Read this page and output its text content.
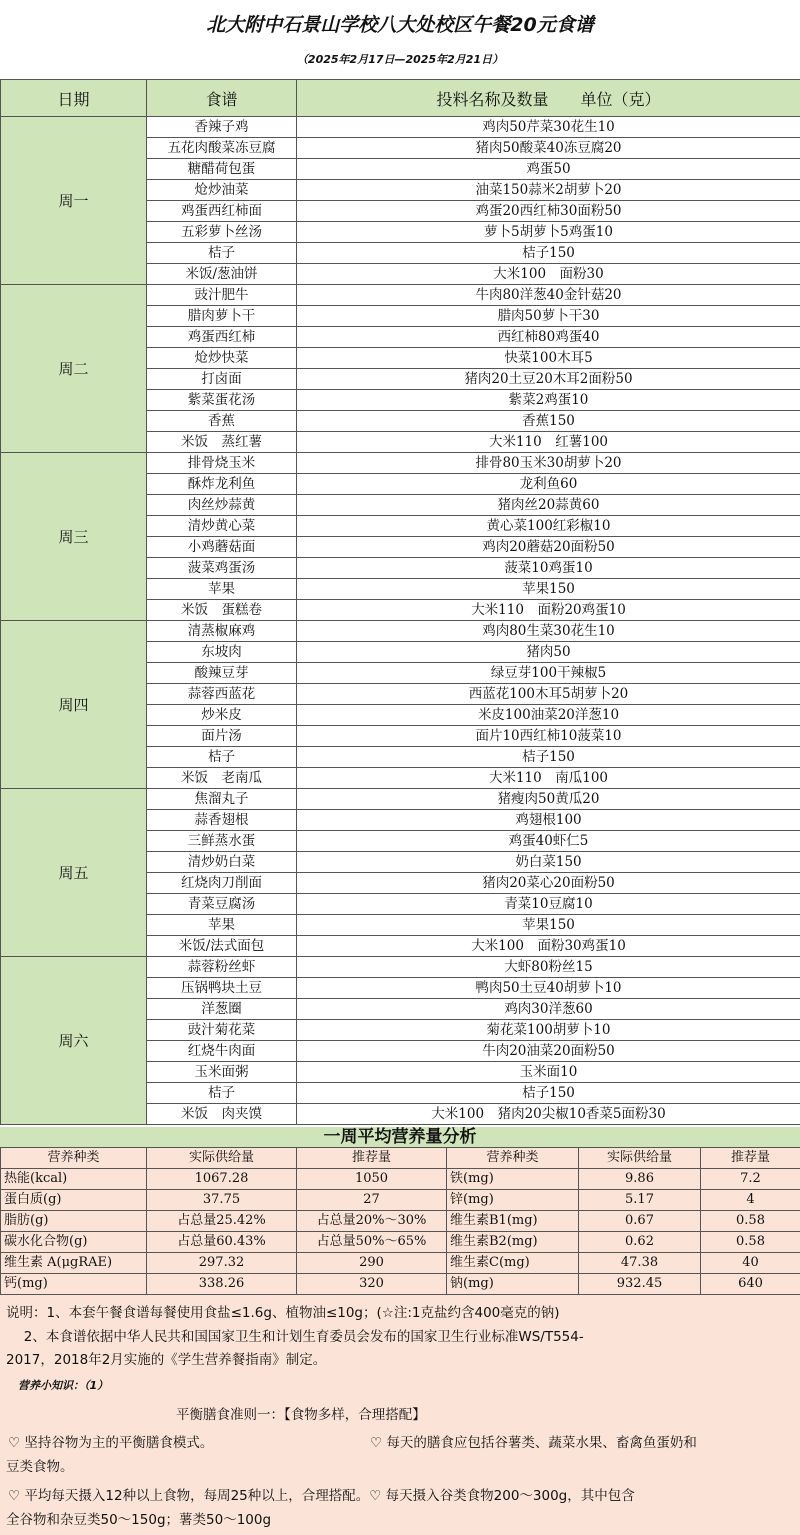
北大附中石景山学校八大处校区午餐20元食谱
（2025年2月17日—2025年2月21日）
日期	食谱	投料名称及数量　　单位（克）
周一	香辣子鸡	鸡肉50芹菜30花生10
	五花肉酸菜冻豆腐	猪肉50酸菜40冻豆腐20
	糖醋荷包蛋	鸡蛋50
	炝炒油菜	油菜150蒜米2胡萝卜20
	鸡蛋西红柿面	鸡蛋20西红柿30面粉50
	五彩萝卜丝汤	萝卜5胡萝卜5鸡蛋10
	桔子	桔子150
	米饭/葱油饼	大米100　面粉30
周二	豉汁肥牛	牛肉80洋葱40金针菇20
	腊肉萝卜干	腊肉50萝卜干30
	鸡蛋西红柿	西红柿80鸡蛋40
	炝炒快菜	快菜100木耳5
	打卤面	猪肉20土豆20木耳2面粉50
	紫菜蛋花汤	紫菜2鸡蛋10
	香蕉	香蕉150
	米饭　蒸红薯	大米110　红薯100
周三	排骨烧玉米	排骨80玉米30胡萝卜20
	酥炸龙利鱼	龙利鱼60
	肉丝炒蒜黄	猪肉丝20蒜黄60
	清炒黄心菜	黄心菜100红彩椒10
	小鸡蘑菇面	鸡肉20蘑菇20面粉50
	菠菜鸡蛋汤	菠菜10鸡蛋10
	苹果	苹果150
	米饭　蛋糕卷	大米110　面粉20鸡蛋10
周四	清蒸椒麻鸡	鸡肉80生菜30花生10
	东坡肉	猪肉50
	酸辣豆芽	绿豆芽100干辣椒5
	蒜蓉西蓝花	西蓝花100木耳5胡萝卜20
	炒米皮	米皮100油菜20洋葱10
	面片汤	面片10西红柿10菠菜10
	桔子	桔子150
	米饭　老南瓜	大米110　南瓜100
周五	焦溜丸子	猪瘦肉50黄瓜20
	蒜香翅根	鸡翅根100
	三鲜蒸水蛋	鸡蛋40虾仁5
	清炒奶白菜	奶白菜150
	红烧肉刀削面	猪肉20菜心20面粉50
	青菜豆腐汤	青菜10豆腐10
	苹果	苹果150
	米饭/法式面包	大米100　面粉30鸡蛋10
周六	蒜蓉粉丝虾	大虾80粉丝15
	压锅鸭块土豆	鸭肉50土豆40胡萝卜10
	洋葱圈	鸡肉30洋葱60
	豉汁菊花菜	菊花菜100胡萝卜10
	红烧牛肉面	牛肉20油菜20面粉50
	玉米面粥	玉米面10
	桔子	桔子150
	米饭　肉夹馍	大米100　猪肉20尖椒10香菜5面粉30
一周平均营养量分析
营养种类	实际供给量	推荐量	营养种类	实际供给量	推荐量
热能(kcal)	1067.28	1050	铁(mg)	9.86	7.2
蛋白质(g)	37.75	27	锌(mg)	5.17	4
脂肪(g)	占总量25.42%	占总量20%～30%	维生素B1(mg)	0.67	0.58
碳水化合物(g)	占总量60.43%	占总量50%～65%	维生素B2(mg)	0.62	0.58
维生素 A(μgRAE)	297.32	290	维生素C(mg)	47.38	40
钙(mg)	338.26	320	钠(mg)	932.45	640
说明：1、本套午餐食谱每餐使用食盐≤1.6g、植物油≤10g；(☆注:1克盐约含400毫克的钠)
　 2、本食谱依据中华人民共和国国家卫生和计划生育委员会发布的国家卫生行业标准WS/T554-
2017，2018年2月实施的《学生营养餐指南》制定。
营养小知识：（1）
平衡膳食准则一：【食物多样，合理搭配】
♡ 坚持谷物为主的平衡膳食模式。	♡ 每天的膳食应包括谷薯类、蔬菜水果、畜禽鱼蛋奶和
豆类食物。
♡ 平均每天摄入12种以上食物，每周25种以上，合理搭配。♡ 每天摄入谷类食物200～300g，其中包含
全谷物和杂豆类50～150g；薯类50～100g
